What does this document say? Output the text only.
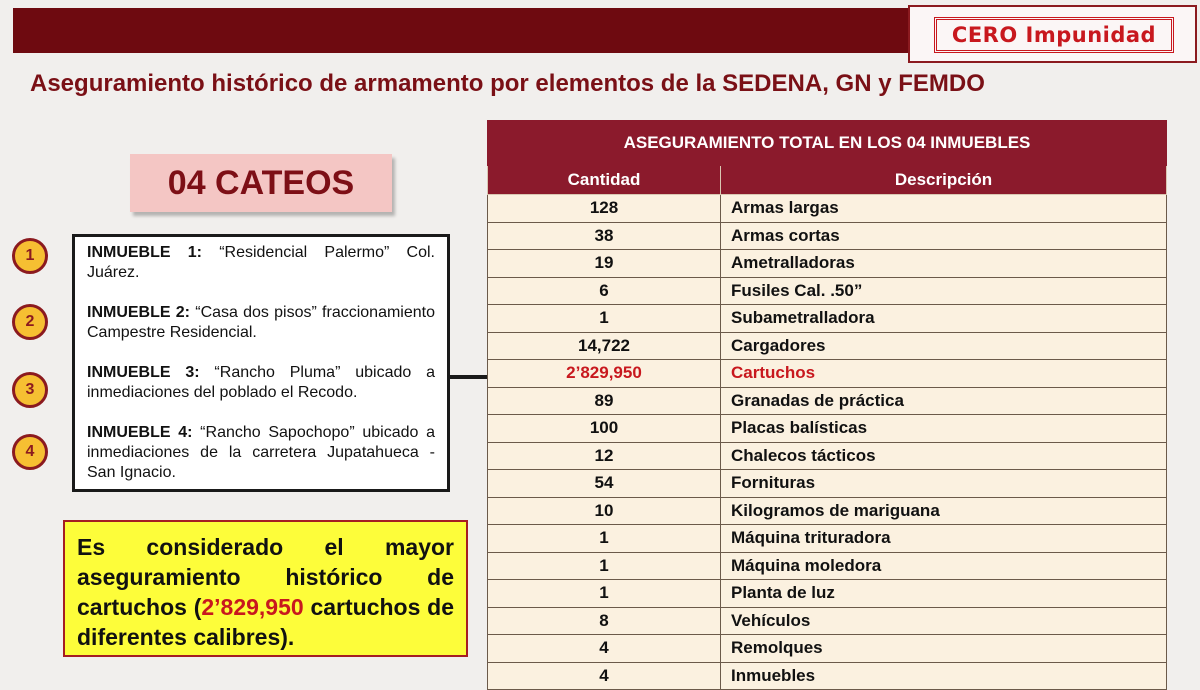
CERO Impunidad
Aseguramiento histórico de armamento por elementos de la SEDENA, GN y FEMDO
04 CATEOS
1
2
3
4
INMUEBLE 1: “Residencial Palermo” Col. Juárez.
INMUEBLE 2: “Casa dos pisos” fraccionamiento Campestre Residencial.
INMUEBLE 3: “Rancho Pluma” ubicado a inmediaciones del poblado el Recodo.
INMUEBLE 4: “Rancho Sapochopo” ubicado a inmediaciones de la carretera Jupatahueca - San Ignacio.
Es considerado el mayor aseguramiento histórico de cartuchos (2’829,950 cartuchos de diferentes calibres).
ASEGURAMIENTO TOTAL EN LOS 04 INMUEBLES	
Cantidad	Descripción
128	Armas largas
38	Armas cortas
19	Ametralladoras
6	Fusiles Cal. .50”
1	Subametralladora
14,722	Cargadores
2’829,950	Cartuchos
89	Granadas de práctica
100	Placas balísticas
12	Chalecos tácticos
54	Fornituras
10	Kilogramos de mariguana
1	Máquina trituradora
1	Máquina moledora
1	Planta de luz
8	Vehículos
4	Remolques
4	Inmuebles
